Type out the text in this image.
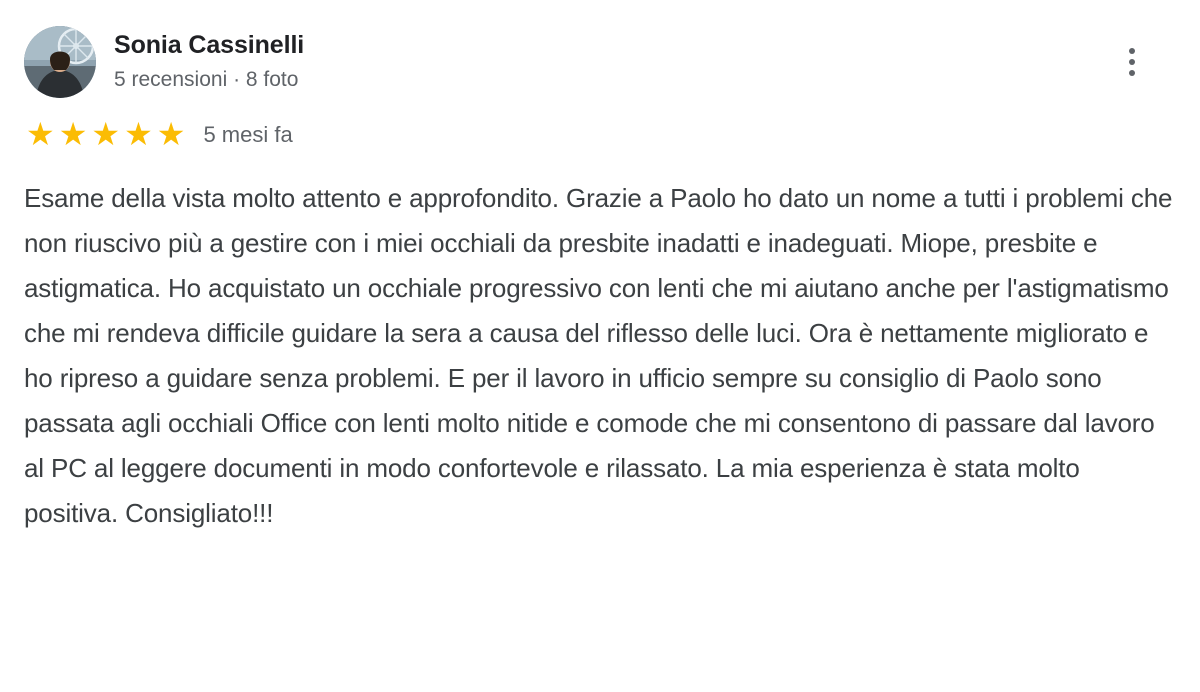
Sonia Cassinelli
5 recensioni · 8 foto
★ ★ ★ ★ ★ 5 mesi fa
Esame della vista molto attento e approfondito. Grazie a Paolo ho dato un nome a tutti i problemi che non riuscivo più a gestire con i miei occhiali da presbite inadatti e inadeguati. Miope, presbite e astigmatica. Ho acquistato un occhiale progressivo con lenti che mi aiutano anche per l'astigmatismo che mi rendeva difficile guidare la sera a causa del riflesso delle luci. Ora è nettamente migliorato e ho ripreso a guidare senza problemi. E per il lavoro in ufficio sempre su consiglio di Paolo sono passata agli occhiali Office con lenti molto nitide e comode che mi consentono di passare dal lavoro al PC al leggere documenti in modo confortevole e rilassato. La mia esperienza è stata molto positiva. Consigliato!!!
